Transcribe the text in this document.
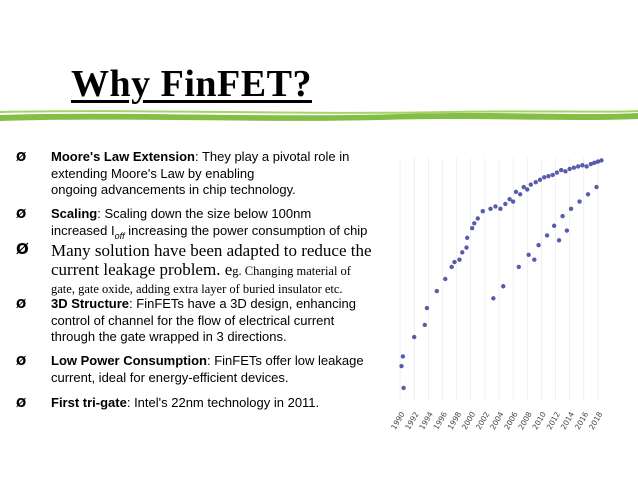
Why FinFET?
Ø	Moore's Law Extension: They play a pivotal role in
extending Moore's Law by enabling
ongoing advancements in chip technology.
Ø	Scaling: Scaling down the size below 100nm
increased $I_{off}$ increasing the power consumption of chip
Ø	Many solution have been adapted to reduce the
current leakage problem. eg. Changing material of
gate, gate oxide, adding extra layer of buried insulator etc.
Ø	3D Structure: FinFETs have a 3D design, enhancing
control of channel for the flow of electrical current
through the gate wrapped in 3 directions.
Ø	Low Power Consumption: FinFETs offer low leakage
current, ideal for energy-efficient devices.
Ø	First tri-gate: Intel's 22nm technology in 2011.
1990
1992
1994
1996
1998
2000
2002
2004
2006
2008
2010
2012
2014
2016
2018
